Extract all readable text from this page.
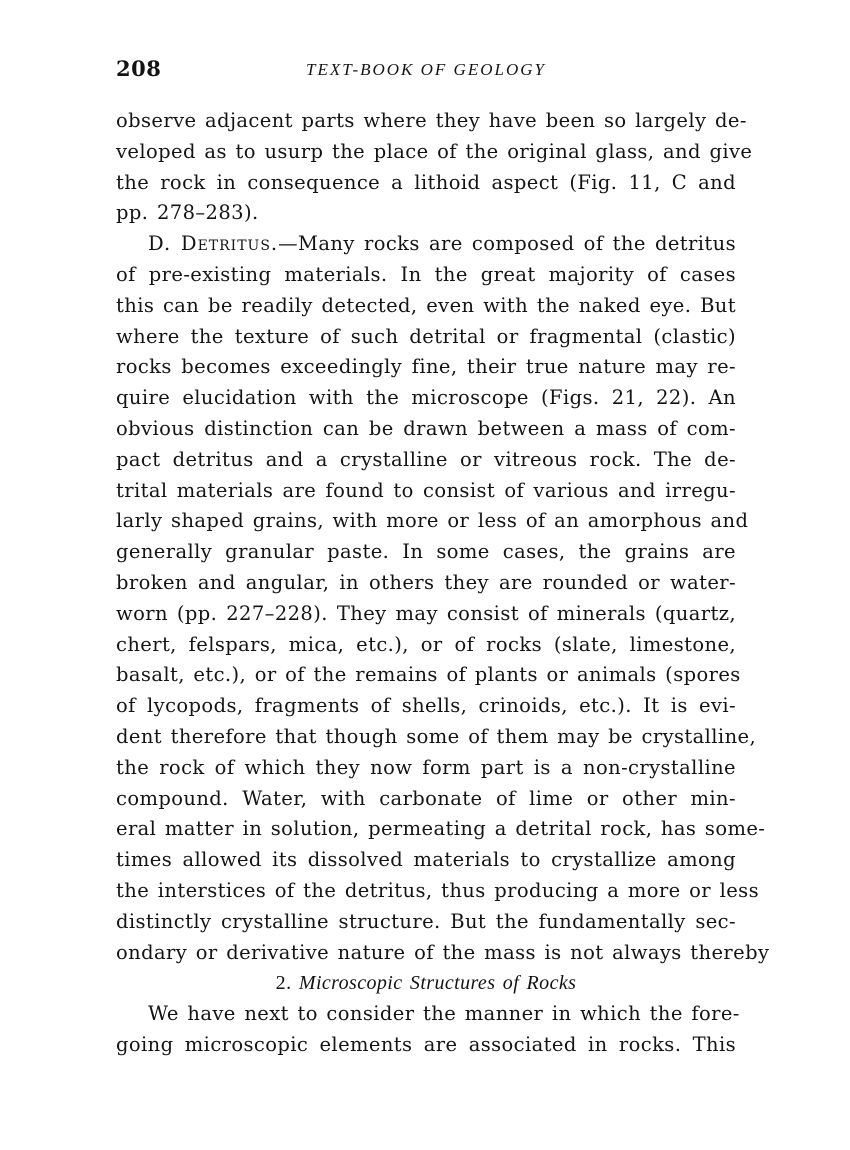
208	TEXT-BOOK OF GEOLOGY
observe adjacent parts where they have been so largely de-
veloped as to usurp the place of the original glass, and give
the rock in consequence a lithoid aspect (Fig. 11, C and
pp. 278–283).
D. Detritus.—Many rocks are composed of the detritus
of pre-existing materials. In the great majority of cases
this can be readily detected, even with the naked eye. But
where the texture of such detrital or fragmental (clastic)
rocks becomes exceedingly fine, their true nature may re-
quire elucidation with the microscope (Figs. 21, 22). An
obvious distinction can be drawn between a mass of com-
pact detritus and a crystalline or vitreous rock. The de-
trital materials are found to consist of various and irregu-
larly shaped grains, with more or less of an amorphous and
generally granular paste. In some cases, the grains are
broken and angular, in others they are rounded or water-
worn (pp. 227–228). They may consist of minerals (quartz,
chert, felspars, mica, etc.), or of rocks (slate, limestone,
basalt, etc.), or of the remains of plants or animals (spores
of lycopods, fragments of shells, crinoids, etc.). It is evi-
dent therefore that though some of them may be crystalline,
the rock of which they now form part is a non-crystalline
compound. Water, with carbonate of lime or other min-
eral matter in solution, permeating a detrital rock, has some-
times allowed its dissolved materials to crystallize among
the interstices of the detritus, thus producing a more or less
distinctly crystalline structure. But the fundamentally sec-
ondary or derivative nature of the mass is not always thereby
2. Microscopic Structures of Rocks
We have next to consider the manner in which the fore-
going microscopic elements are associated in rocks. This
